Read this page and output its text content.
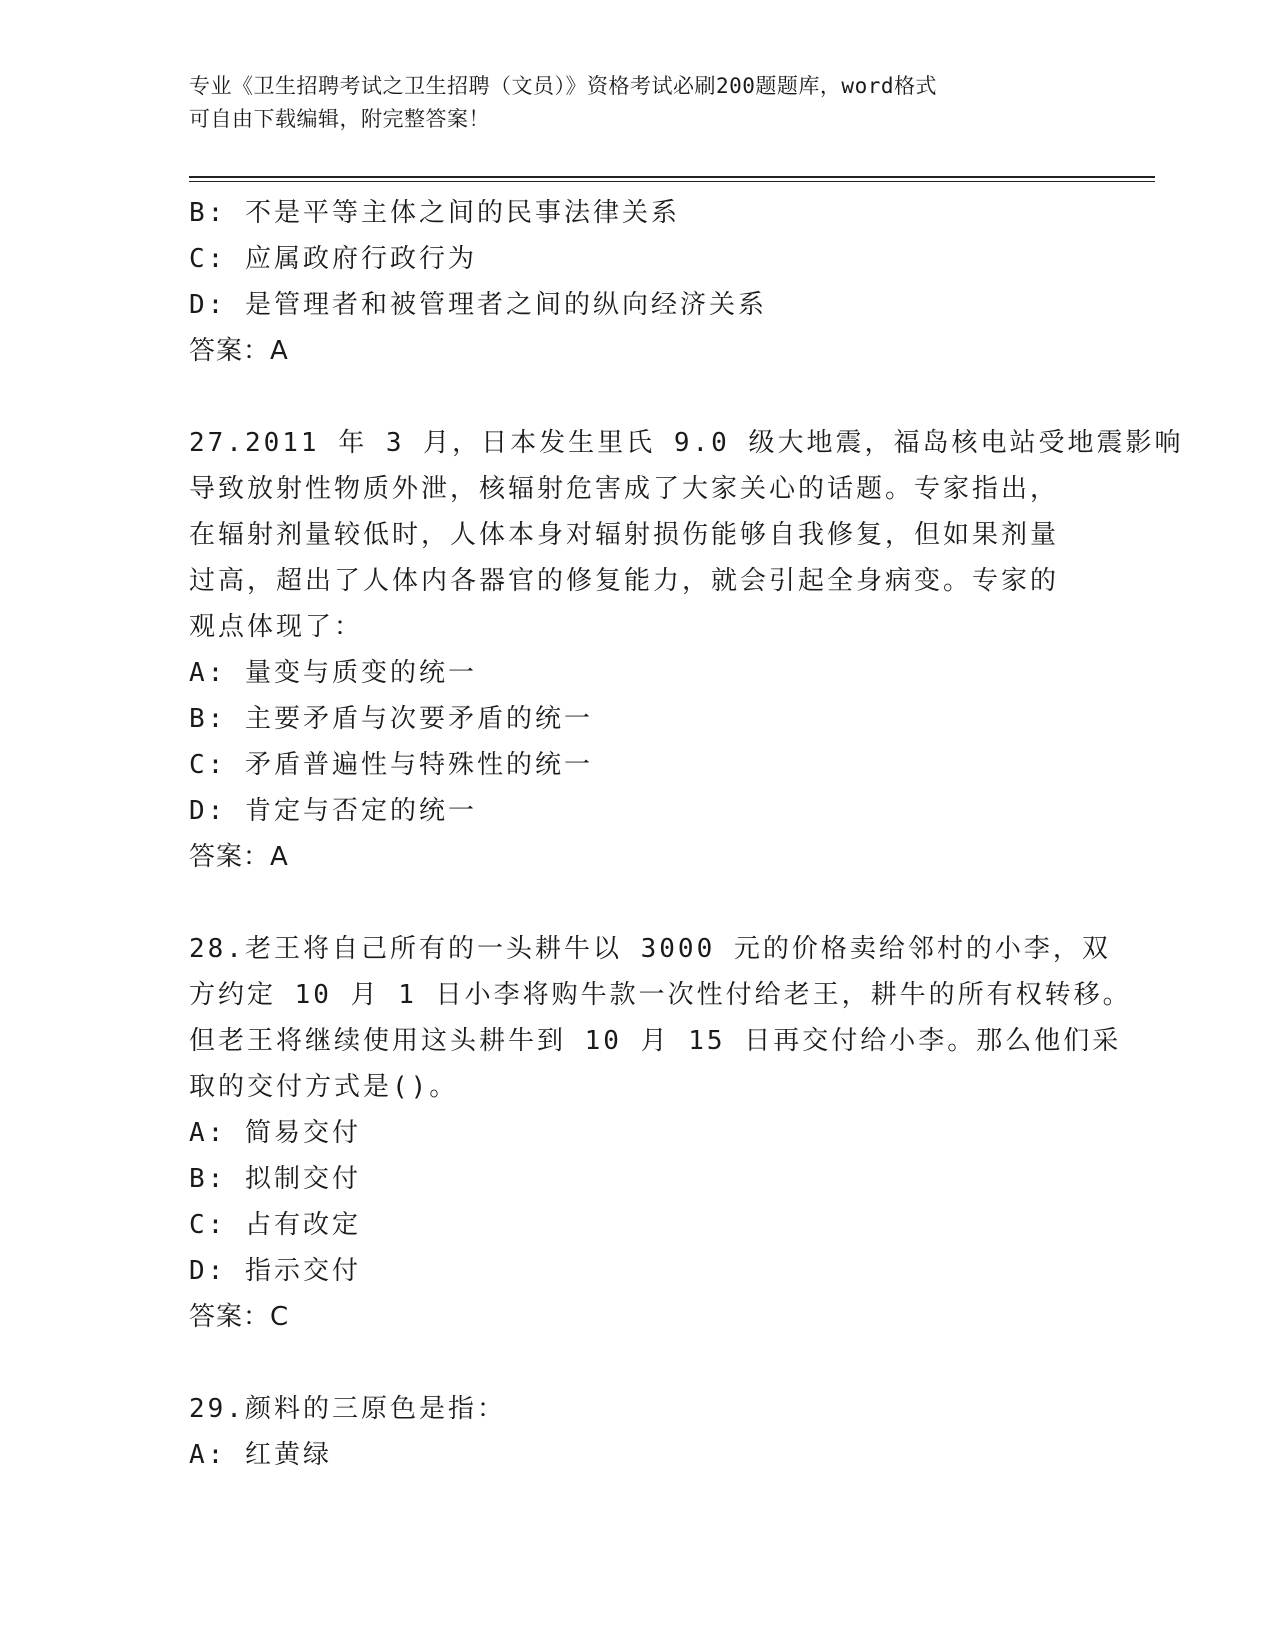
专业《卫生招聘考试之卫生招聘（文员）》资格考试必刷200题题库，word格式
可自由下载编辑，附完整答案！
B: 不是平等主体之间的民事法律关系
C: 应属政府行政行为
D: 是管理者和被管理者之间的纵向经济关系
答案：A
27.2011 年 3 月，日本发生里氏 9.0 级大地震，福岛核电站受地震影响
导致放射性物质外泄，核辐射危害成了大家关心的话题。专家指出，
在辐射剂量较低时，人体本身对辐射损伤能够自我修复，但如果剂量
过高，超出了人体内各器官的修复能力，就会引起全身病变。专家的
观点体现了：
A: 量变与质变的统一
B: 主要矛盾与次要矛盾的统一
C: 矛盾普遍性与特殊性的统一
D: 肯定与否定的统一
答案：A
28.老王将自己所有的一头耕牛以 3000 元的价格卖给邻村的小李，双
方约定 10 月 1 日小李将购牛款一次性付给老王，耕牛的所有权转移。
但老王将继续使用这头耕牛到 10 月 15 日再交付给小李。那么他们采
取的交付方式是()。
A: 简易交付
B: 拟制交付
C: 占有改定
D: 指示交付
答案：C
29.颜料的三原色是指：
A: 红黄绿
